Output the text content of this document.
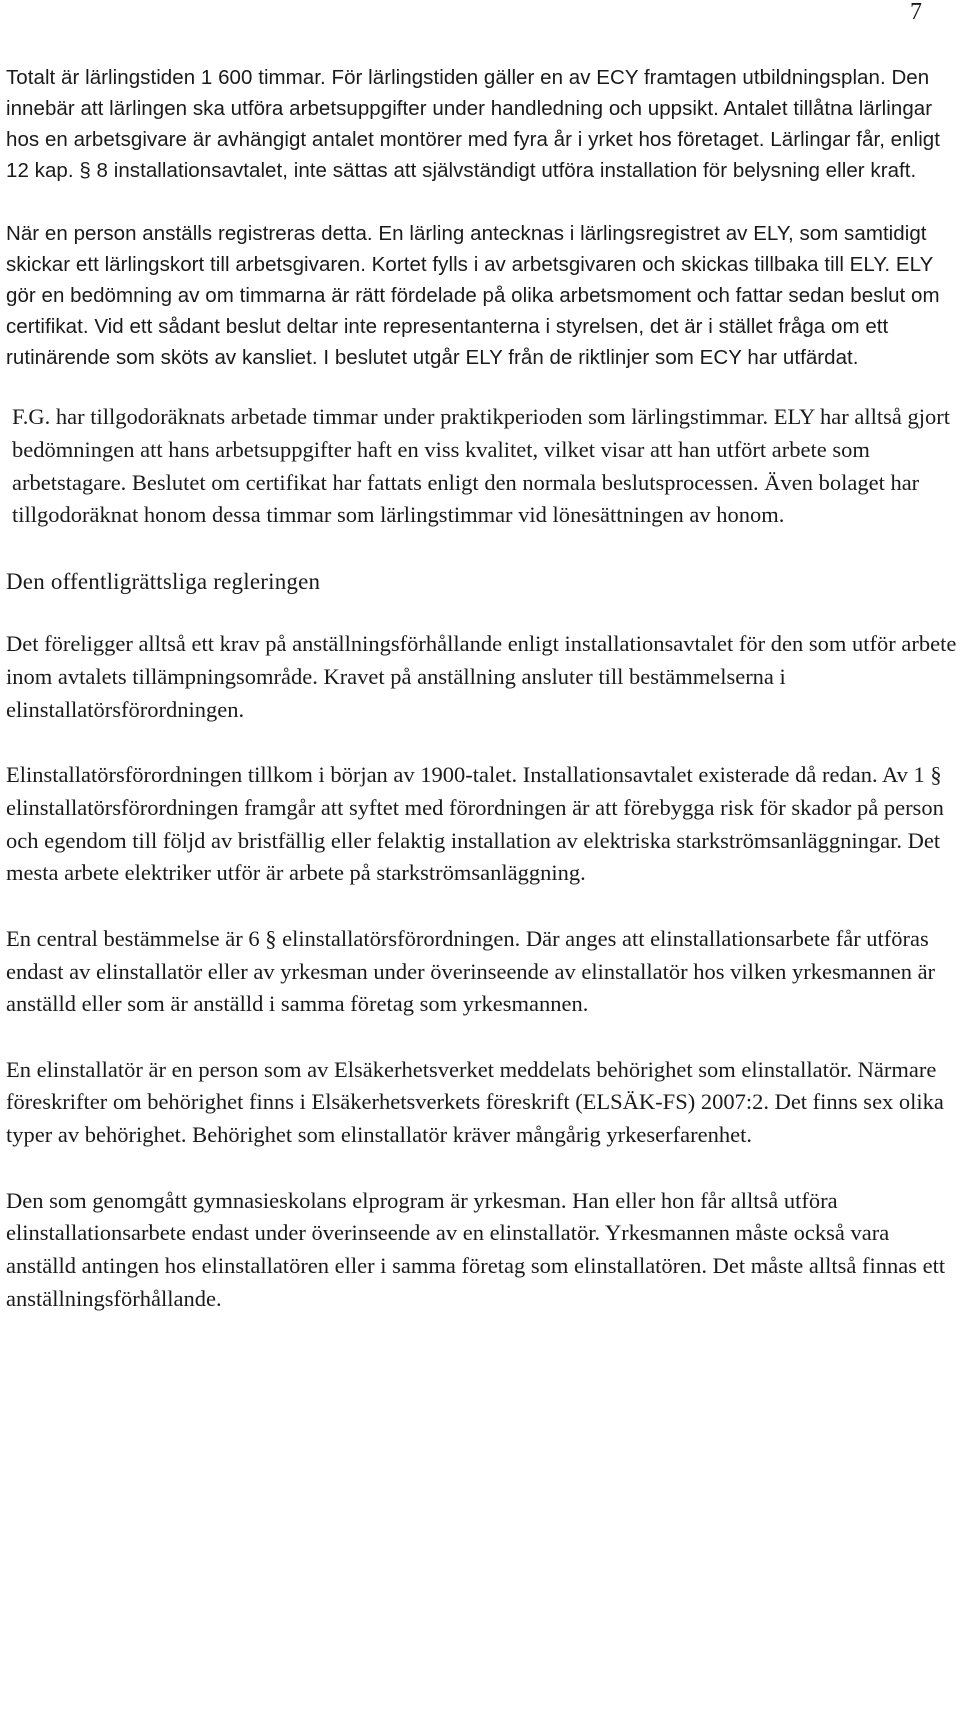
7

Totalt är lärlingstiden 1 600 timmar. För lärlingstiden gäller en av ECY framtagen utbildningsplan. Den innebär att lärlingen ska utföra arbetsuppgifter under handledning och uppsikt. Antalet tillåtna lärlingar hos en arbetsgivare är avhängigt antalet montörer med fyra år i yrket hos företaget. Lärlingar får, enligt 12 kap. § 8 installationsavtalet, inte sättas att självständigt utföra installation för belysning eller kraft.

När en person anställs registreras detta. En lärling antecknas i lärlingsregistret av ELY, som samtidigt skickar ett lärlingskort till arbetsgivaren. Kortet fylls i av arbetsgivaren och skickas tillbaka till ELY. ELY gör en bedömning av om timmarna är rätt fördelade på olika arbetsmoment och fattar sedan beslut om certifikat. Vid ett sådant beslut deltar inte representanterna i styrelsen, det är i stället fråga om ett rutinärende som sköts av kansliet. I beslutet utgår ELY från de riktlinjer som ECY har utfärdat.

F.G. har tillgodoräknats arbetade timmar under praktikperioden som lärlingstimmar. ELY har alltså gjort bedömningen att hans arbetsuppgifter haft en viss kvalitet, vilket visar att han utfört arbete som arbetstagare. Beslutet om certifikat har fattats enligt den normala beslutsprocessen. Även bolaget har tillgodoräknat honom dessa timmar som lärlingstimmar vid lönesättningen av honom.

Den offentligrättsliga regleringen

Det föreligger alltså ett krav på anställningsförhållande enligt installationsavtalet för den som utför arbete inom avtalets tillämpningsområde. Kravet på anställning ansluter till bestämmelserna i elinstallatörsförordningen.

Elinstallatörsförordningen tillkom i början av 1900-talet. Installationsavtalet existerade då redan. Av 1 § elinstallatörsförordningen framgår att syftet med förordningen är att förebygga risk för skador på person och egendom till följd av bristfällig eller felaktig installation av elektriska starkströmsanläggningar. Det mesta arbete elektriker utför är arbete på starkströmsanläggning.

En central bestämmelse är 6 § elinstallatörsförordningen. Där anges att elinstallationsarbete får utföras endast av elinstallatör eller av yrkesman under överinseende av elinstallatör hos vilken yrkesmannen är anställd eller som är anställd i samma företag som yrkesmannen.

En elinstallatör är en person som av Elsäkerhetsverket meddelats behörighet som elinstallatör. Närmare föreskrifter om behörighet finns i Elsäkerhetsverkets föreskrift (ELSÄK-FS) 2007:2. Det finns sex olika typer av behörighet. Behörighet som elinstallatör kräver mångårig yrkeserfarenhet.

Den som genomgått gymnasieskolans elprogram är yrkesman. Han eller hon får alltså utföra elinstallationsarbete endast under överinseende av en elinstallatör. Yrkesmannen måste också vara anställd antingen hos elinstallatören eller i samma företag som elinstallatören. Det måste alltså finnas ett anställningsförhållande.
